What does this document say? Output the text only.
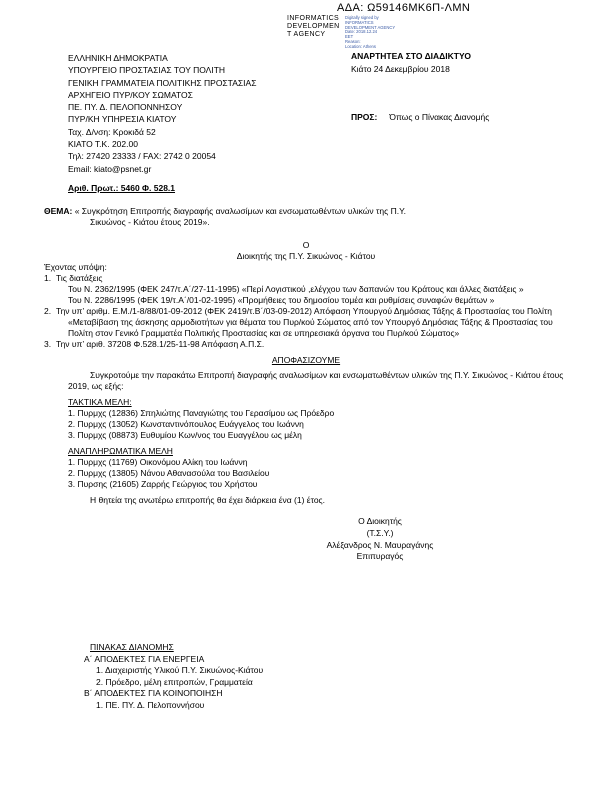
ΑΔΑ: Ω59146ΜΚ6Π-ΛΜΝ
INFORMATICS
DEVELOPMEN
T AGENCY
Digitally signed by
INFORMATICS
DEVELOPMENT AGENCY
Date: 2018.12.24
EET
Reason:
Location: Athens
ΕΛΛΗΝΙΚΗ ΔΗΜΟΚΡΑΤΙΑ
ΥΠΟΥΡΓΕΙΟ ΠΡΟΣΤΑΣΙΑΣ ΤΟΥ ΠΟΛΙΤΗ
ΓΕΝΙΚΗ ΓΡΑΜΜΑΤΕΙΑ ΠΟΛΙΤΙΚΗΣ ΠΡΟΣΤΑΣΙΑΣ
ΑΡΧΗΓΕΙΟ ΠΥΡ/ΚΟΥ ΣΩΜΑΤΟΣ
ΠΕ. ΠΥ. Δ. ΠΕΛΟΠΟΝΝΗΣΟΥ
ΠΥΡ/ΚΗ ΥΠΗΡΕΣΙΑ ΚΙΑΤΟΥ
Ταχ. Δ/νση: Κροκιδά 52
ΚΙΑΤΟ Τ.Κ. 202.00
Τηλ: 27420 23333 / FAX: 2742 0 20054
Email: kiato@psnet.gr
ΑΝΑΡΤΗΤΕΑ ΣΤΟ ΔΙΑΔΙΚΤΥΟ
Κιάτο 24 Δεκεμβρίου 2018
ΠΡΟΣ: Όπως ο Πίνακας Διανομής
Αριθ. Πρωτ.: 5460 Φ. 528.1
ΘΕΜΑ: « Συγκρότηση Επιτροπής διαγραφής αναλωσίμων και ενσωματωθέντων υλικών της Π.Υ.
Σικυώνος - Κιάτου έτους 2019».
Ο
Διοικητής της Π.Υ. Σικυώνος - Κιάτου
Έχοντας υπόψη:
1. Τις διατάξεις
Του Ν. 2362/1995 (ΦΕΚ 247/τ.Α΄/27-11-1995) «Περί Λογιστικού ,ελέγχου των δαπανών του Κράτους και άλλες διατάξεις »
Του Ν. 2286/1995 (ΦΕΚ 19/τ.Α΄/01-02-1995) «Προμήθειες του δημοσίου τομέα και ρυθμίσεις συναφών θεμάτων »
2. Την υπ’ αριθμ. Ε.Μ./1-8/88/01-09-2012 (ΦΕΚ 2419/τ.Β΄/03-09-2012) Απόφαση Υπουργού Δημόσιας Τάξης & Προστασίας του Πολίτη «Μεταβίβαση της άσκησης αρμοδιοτήτων για θέματα του Πυρ/κού Σώματος από τον Υπουργό Δημόσιας Τάξης & Προστασίας του Πολίτη στον Γενικό Γραμματέα Πολιτικής Προστασίας και σε υπηρεσιακά όργανα του Πυρ/κού Σώματος»
3. Την υπ’ αριθ. 37208 Φ.528.1/25-11-98 Απόφαση Α.Π.Σ.
ΑΠΟΦΑΣΙΖΟΥΜΕ
Συγκροτούμε την παρακάτω Επιτροπή διαγραφής αναλωσίμων και ενσωματωθέντων υλικών της Π.Υ. Σικυώνος - Κιάτου έτους 2019, ως εξής:
ΤΑΚΤΙΚΑ ΜΕΛΗ:
1. Πυρμχς (12836) Σπηλιώτης Παναγιώτης του Γερασίμου ως Πρόεδρο
2. Πυρμχς (13052) Κωνσταντινόπουλος Ευάγγελος του Ιωάννη
3. Πυρμχς (08873) Ευθυμίου Κων/νος του Ευαγγέλου ως μέλη
ΑΝΑΠΛΗΡΩΜΑΤΙΚΑ ΜΕΛΗ
1. Πυρμχς (11769) Οικονόμου Αλίκη του Ιωάννη
2. Πυρμχς (13805) Νάνου Αθανασούλα του Βασιλείου
3. Πυρσης (21605) Ζαρρής Γεώργιος του Χρήστου
Η θητεία της ανωτέρω επιτροπής θα έχει διάρκεια ένα (1) έτος.
Ο Διοικητής
(Τ.Σ.Υ.)
Αλέξανδρος Ν. Μαυραγάνης
Επιπυραγός
ΠΙΝΑΚΑΣ ΔΙΑΝΟΜΗΣ
Α΄ ΑΠΟΔΕΚΤΕΣ ΓΙΑ ΕΝΕΡΓΕΙΑ
1. Διαχειριστής Υλικού Π.Υ. Σικυώνος-Κιάτου
2. Πρόεδρο, μέλη επιτροπών, Γραμματεία
Β΄ ΑΠΟΔΕΚΤΕΣ ΓΙΑ ΚΟΙΝΟΠΟΙΗΣΗ
1. ΠΕ. ΠΥ. Δ. Πελοποννήσου
